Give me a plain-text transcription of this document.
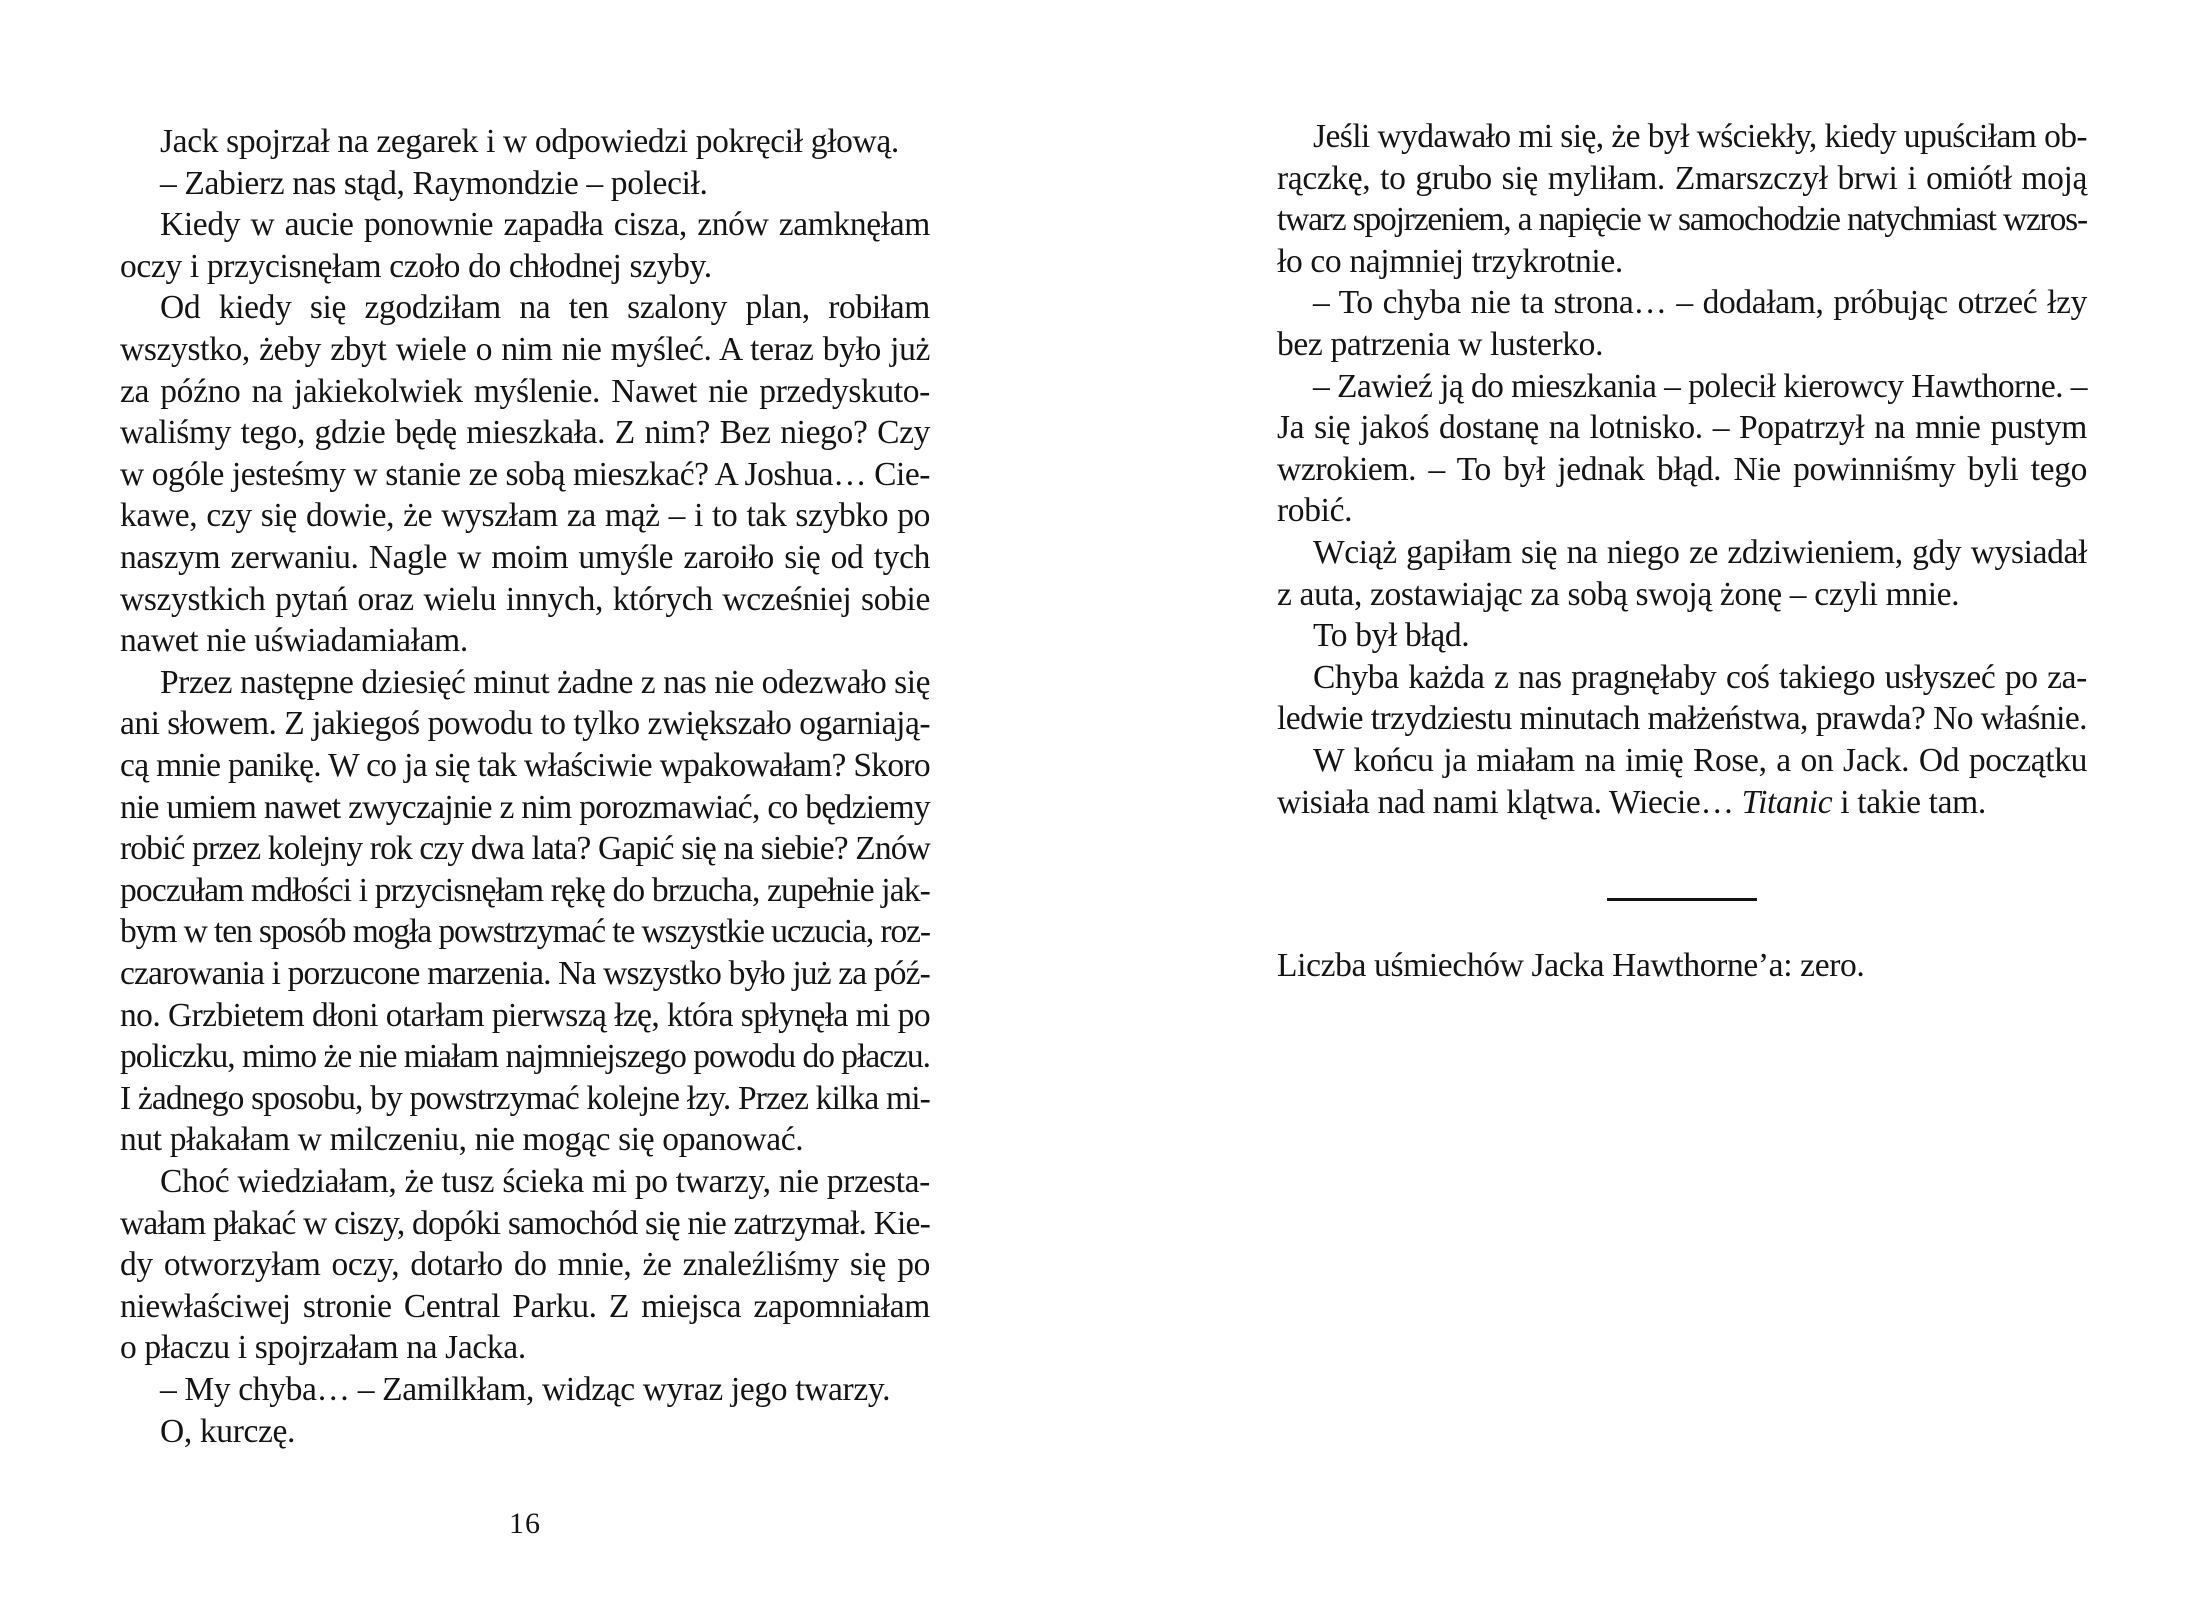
Jack spojrzał na zegarek i w odpowiedzi pokręcił głową.
– Zabierz nas stąd, Raymondzie – polecił.
Kiedy w aucie ponownie zapadła cisza, znów zamknęłam
oczy i przycisnęłam czoło do chłodnej szyby.
Od kiedy się zgodziłam na ten szalony plan, robiłam
wszystko, żeby zbyt wiele o nim nie myśleć. A teraz było już
za późno na jakiekolwiek myślenie. Nawet nie przedyskuto-
waliśmy tego, gdzie będę mieszkała. Z nim? Bez niego? Czy
w ogóle jesteśmy w stanie ze sobą mieszkać? A Joshua… Cie-
kawe, czy się dowie, że wyszłam za mąż – i to tak szybko po
naszym zerwaniu. Nagle w moim umyśle zaroiło się od tych
wszystkich pytań oraz wielu innych, których wcześniej sobie
nawet nie uświadamiałam.
Przez następne dziesięć minut żadne z nas nie odezwało się
ani słowem. Z jakiegoś powodu to tylko zwiększało ogarniają-
cą mnie panikę. W co ja się tak właściwie wpakowałam? Skoro
nie umiem nawet zwyczajnie z nim porozmawiać, co będziemy
robić przez kolejny rok czy dwa lata? Gapić się na siebie? Znów
poczułam mdłości i przycisnęłam rękę do brzucha, zupełnie jak-
bym w ten sposób mogła powstrzymać te wszystkie uczucia, roz-
czarowania i porzucone marzenia. Na wszystko było już za póź-
no. Grzbietem dłoni otarłam pierwszą łzę, która spłynęła mi po
policzku, mimo że nie miałam najmniejszego powodu do płaczu.
I żadnego sposobu, by powstrzymać kolejne łzy. Przez kilka mi-
nut płakałam w milczeniu, nie mogąc się opanować.
Choć wiedziałam, że tusz ścieka mi po twarzy, nie przesta-
wałam płakać w ciszy, dopóki samochód się nie zatrzymał. Kie-
dy otworzyłam oczy, dotarło do mnie, że znaleźliśmy się po
niewłaściwej stronie Central Parku. Z miejsca zapomniałam
o płaczu i spojrzałam na Jacka.
– My chyba… – Zamilkłam, widząc wyraz jego twarzy.
O, kurczę.
16
Jeśli wydawało mi się, że był wściekły, kiedy upuściłam ob-
rączkę, to grubo się myliłam. Zmarszczył brwi i omiótł moją
twarz spojrzeniem, a napięcie w samochodzie natychmiast wzros-
ło co najmniej trzykrotnie.
– To chyba nie ta strona… – dodałam, próbując otrzeć łzy
bez patrzenia w lusterko.
– Zawieź ją do mieszkania – polecił kierowcy Hawthorne. –
Ja się jakoś dostanę na lotnisko. – Popatrzył na mnie pustym
wzrokiem. – To był jednak błąd. Nie powinniśmy byli tego
robić.
Wciąż gapiłam się na niego ze zdziwieniem, gdy wysiadał
z auta, zostawiając za sobą swoją żonę – czyli mnie.
To był błąd.
Chyba każda z nas pragnęłaby coś takiego usłyszeć po za-
ledwie trzydziestu minutach małżeństwa, prawda? No właśnie.
W końcu ja miałam na imię Rose, a on Jack. Od początku
wisiała nad nami klątwa. Wiecie… Titanic i takie tam.
Liczba uśmiechów Jacka Hawthorne’a: zero.
